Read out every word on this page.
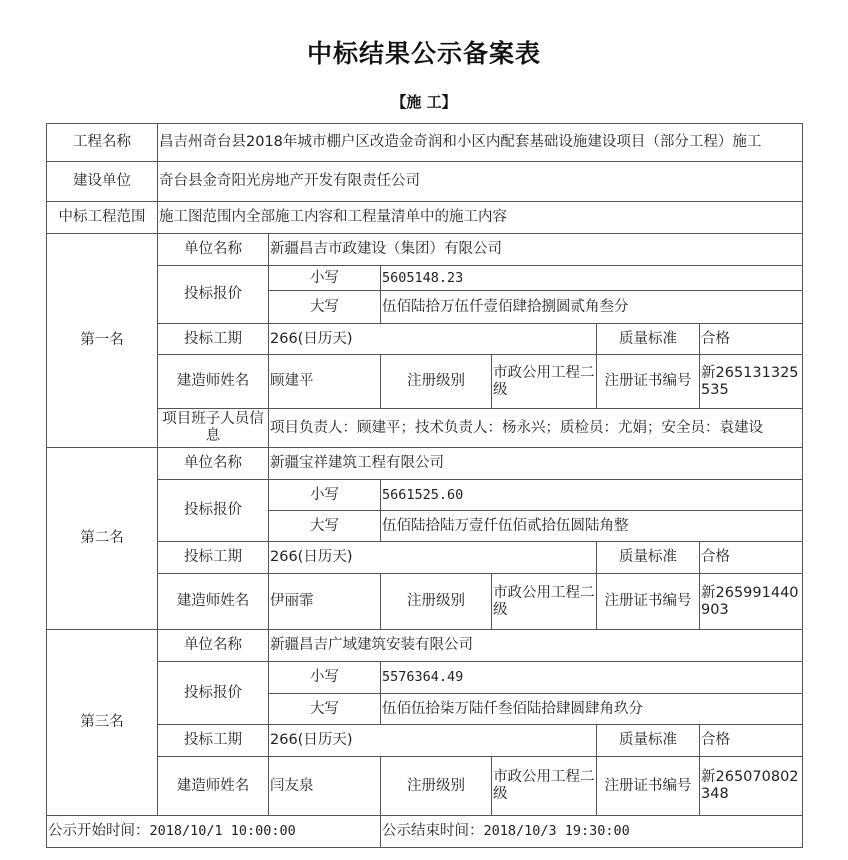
中标结果公示备案表
【施 工】
工程名称	昌吉州奇台县2018年城市棚户区改造金奇润和小区内配套基础设施建设项目（部分工程）施工					
建设单位	奇台县金奇阳光房地产开发有限责任公司					
中标工程范围	施工图范围内全部施工内容和工程量清单中的施工内容					
第一名	单位名称	新疆昌吉市政建设（集团）有限公司				
	投标报价	小写	5605148.23			
		大写	伍佰陆拾万伍仟壹佰肆拾捌圆贰角叁分			
	投标工期	266(日历天)			质量标准	合格
	建造师姓名	顾建平	注册级别	市政公用工程二级	注册证书编号	新265131325535
	项目班子人员信息	项目负责人：顾建平；技术负责人：杨永兴；质检员：尤娟；安全员：袁建设				

第二名	单位名称	新疆宝祥建筑工程有限公司				
	投标报价	小写	5661525.60			
		大写	伍佰陆拾陆万壹仟伍佰贰拾伍圆陆角整			
	投标工期	266(日历天)			质量标准	合格
	建造师姓名	伊丽霏	注册级别	市政公用工程二级	注册证书编号	新265991440903

第三名	单位名称	新疆昌吉广域建筑安装有限公司				
	投标报价	小写	5576364.49			
		大写	伍佰伍拾柒万陆仟叁佰陆拾肆圆肆角玖分			
	投标工期	266(日历天)			质量标准	合格
	建造师姓名	闫友泉	注册级别	市政公用工程二级	注册证书编号	新265070802348

公示开始时间：2018/10/1 10:00:00			公示结束时间：2018/10/3 19:30:00			
